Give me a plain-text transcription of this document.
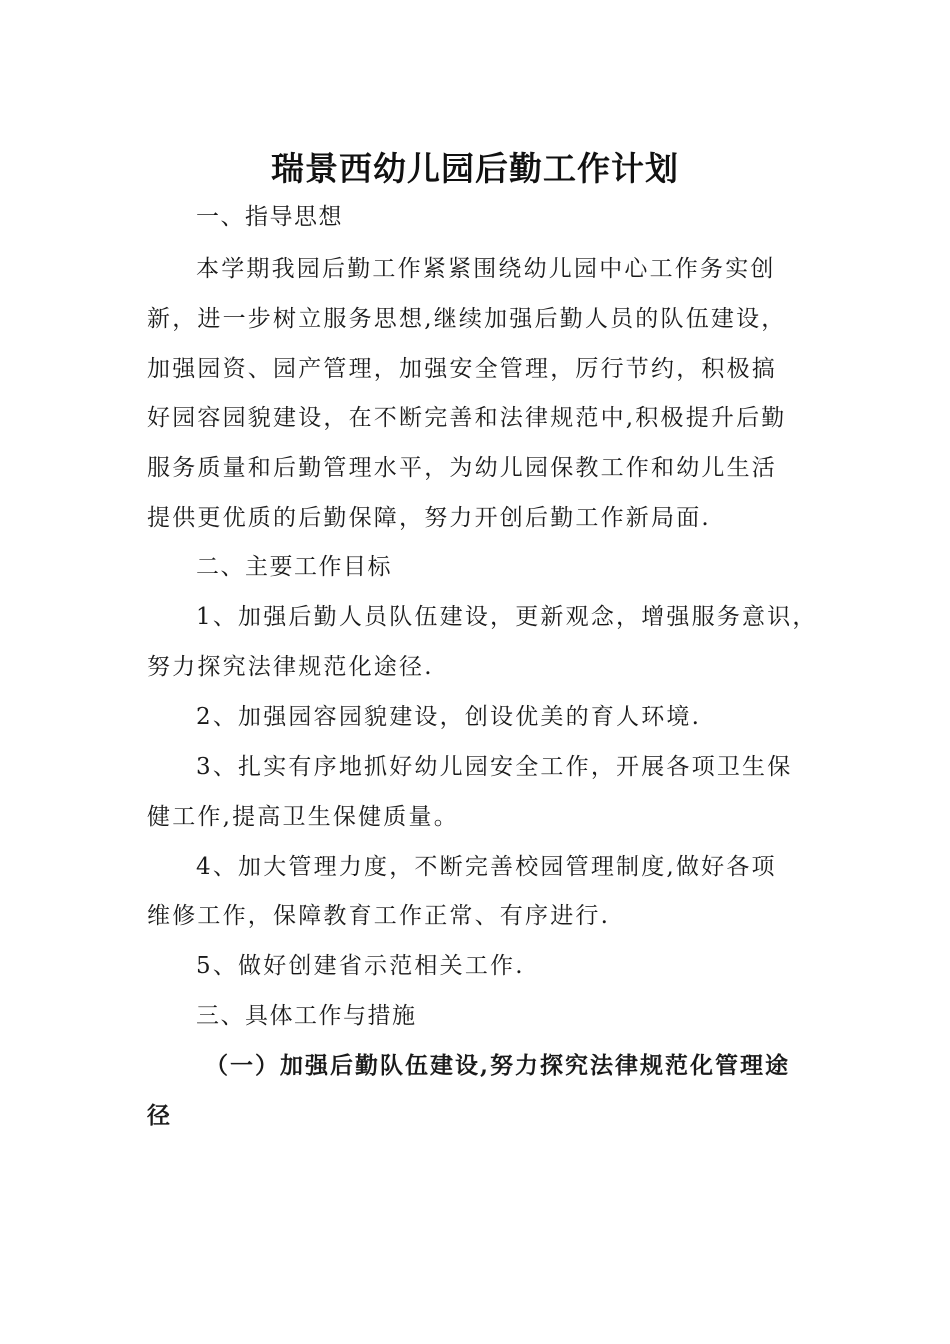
瑞景西幼儿园后勤工作计划
一、指导思想
本学期我园后勤工作紧紧围绕幼儿园中心工作务实创
新，进一步树立服务思想,继续加强后勤人员的队伍建设，
加强园资、园产管理，加强安全管理，厉行节约，积极搞
好园容园貌建设，在不断完善和法律规范中,积极提升后勤
服务质量和后勤管理水平，为幼儿园保教工作和幼儿生活
提供更优质的后勤保障，努力开创后勤工作新局面.
二、主要工作目标
1、加强后勤人员队伍建设，更新观念，增强服务意识，
努力探究法律规范化途径.
2、加强园容园貌建设，创设优美的育人环境.
3、扎实有序地抓好幼儿园安全工作，开展各项卫生保
健工作,提高卫生保健质量。
4、加大管理力度，不断完善校园管理制度,做好各项
维修工作，保障教育工作正常、有序进行.
5、做好创建省示范相关工作.
三、具体工作与措施
（一）加强后勤队伍建设,努力探究法律规范化管理途
径
